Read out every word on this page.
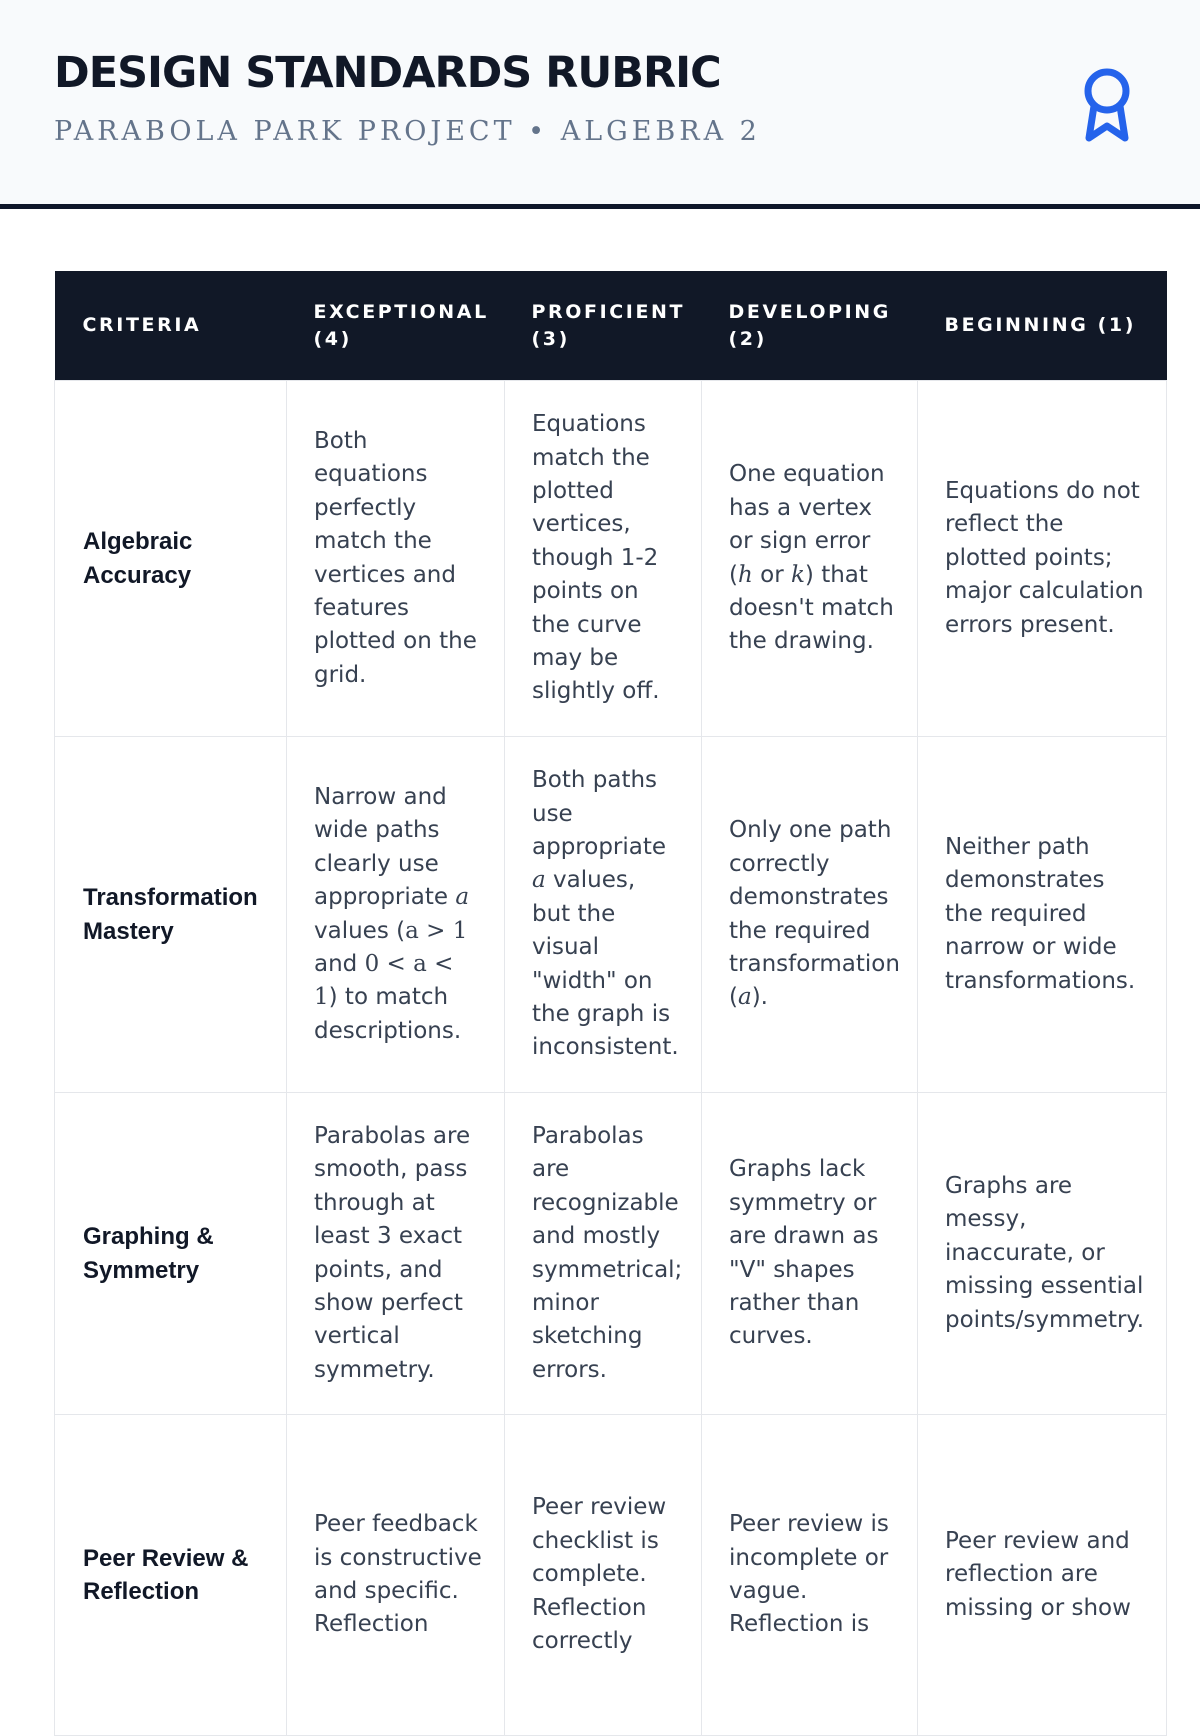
DESIGN STANDARDS RUBRIC

PARABOLA PARK PROJECT • ALGEBRA 2

CRITERIA	EXCEPTIONAL (4)	PROFICIENT (3)	DEVELOPING (2)	BEGINNING (1)
Algebraic Accuracy	Both equations perfectly match the vertices and features plotted on the grid.	Equations match the plotted vertices, though 1-2 points on the curve may be slightly off.	One equation has a vertex or sign error (h or k) that doesn't match the drawing.	Equations do not reflect the plotted points; major calculation errors present.
Transformation Mastery	Narrow and wide paths clearly use appropriate a values (a > 1 and 0 < a < 1) to match descriptions.	Both paths use appropriate a values, but the visual "width" on the graph is inconsistent.	Only one path correctly demonstrates the required transformation (a).	Neither path demonstrates the required narrow or wide transformations.
Graphing & Symmetry	Parabolas are smooth, pass through at least 3 exact points, and show perfect vertical symmetry.	Parabolas are recognizable and mostly symmetrical; minor sketching errors.	Graphs lack symmetry or are drawn as "V" shapes rather than curves.	Graphs are messy, inaccurate, or missing essential points/symmetry.
Peer Review & Reflection	Peer feedback is constructive and specific. Reflection	Peer review checklist is complete. Reflection correctly	Peer review is incomplete or vague. Reflection is	Peer review and reflection are missing or show
